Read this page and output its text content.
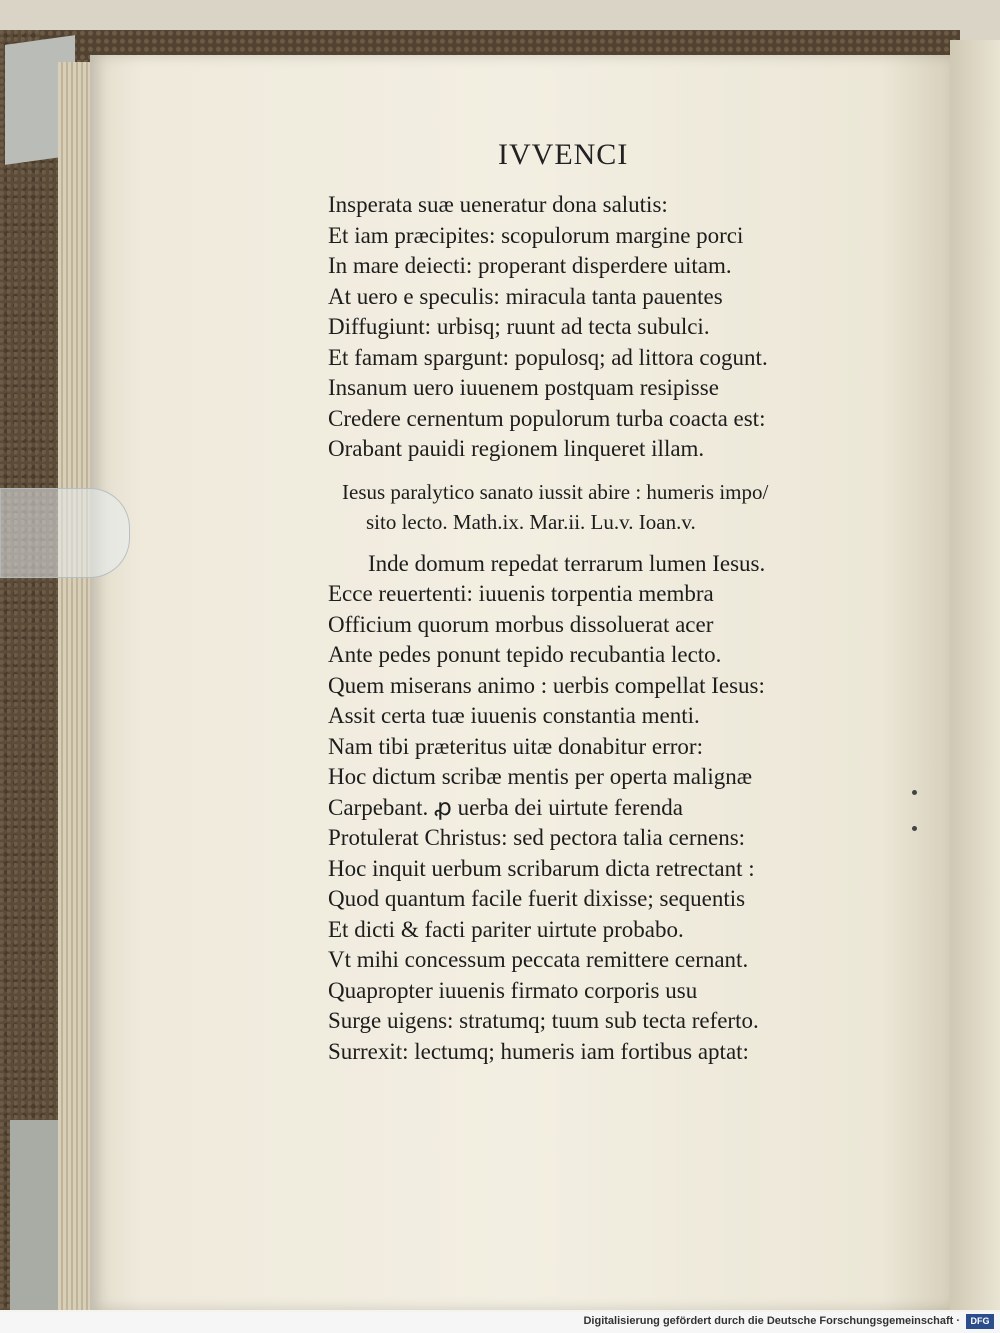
IVVENCI
Insperata suæ ueneratur dona salutis:
Et iam præcipites: scopulorum margine porci
In mare deiecti: properant disperdere uitam.
At uero e speculis: miracula tanta pauentes
Diffugiunt: urbisq; ruunt ad tecta subulci.
Et famam spargunt: populosq; ad littora cogunt.
Insanum uero iuuenem postquam resipisse
Credere cernentum populorum turba coacta est:
Orabant pauidi regionem linqueret illam.
Iesus paralytico sanato iussit abire : humeris impo/
sito lecto. Math.ix. Mar.ii. Lu.v. Ioan.v.
Inde domum repedat terrarum lumen Iesus.
Ecce reuertenti: iuuenis torpentia membra
Officium quorum morbus dissoluerat acer
Ante pedes ponunt tepido recubantia lecto.
Quem miserans animo : uerbis compellat Iesus:
Assit certa tuæ iuuenis constantia menti.
Nam tibi præteritus uitæ donabitur error:
Hoc dictum scribæ mentis per operta malignæ
Carpebant. ꝓ uerba dei uirtute ferenda
Protulerat Christus: sed pectora talia cernens:
Hoc inquit uerbum scribarum dicta retrectant :
Quod quantum facile fuerit dixisse; sequentis
Et dicti & facti pariter uirtute probabo.
Vt mihi concessum peccata remittere cernant.
Quapropter iuuenis firmato corporis usu
Surge uigens: stratumq; tuum sub tecta referto.
Surrexit: lectumq; humeris iam fortibus aptat:
Digitalisierung gefördert durch die Deutsche Forschungsgemeinschaft ·	DFG
